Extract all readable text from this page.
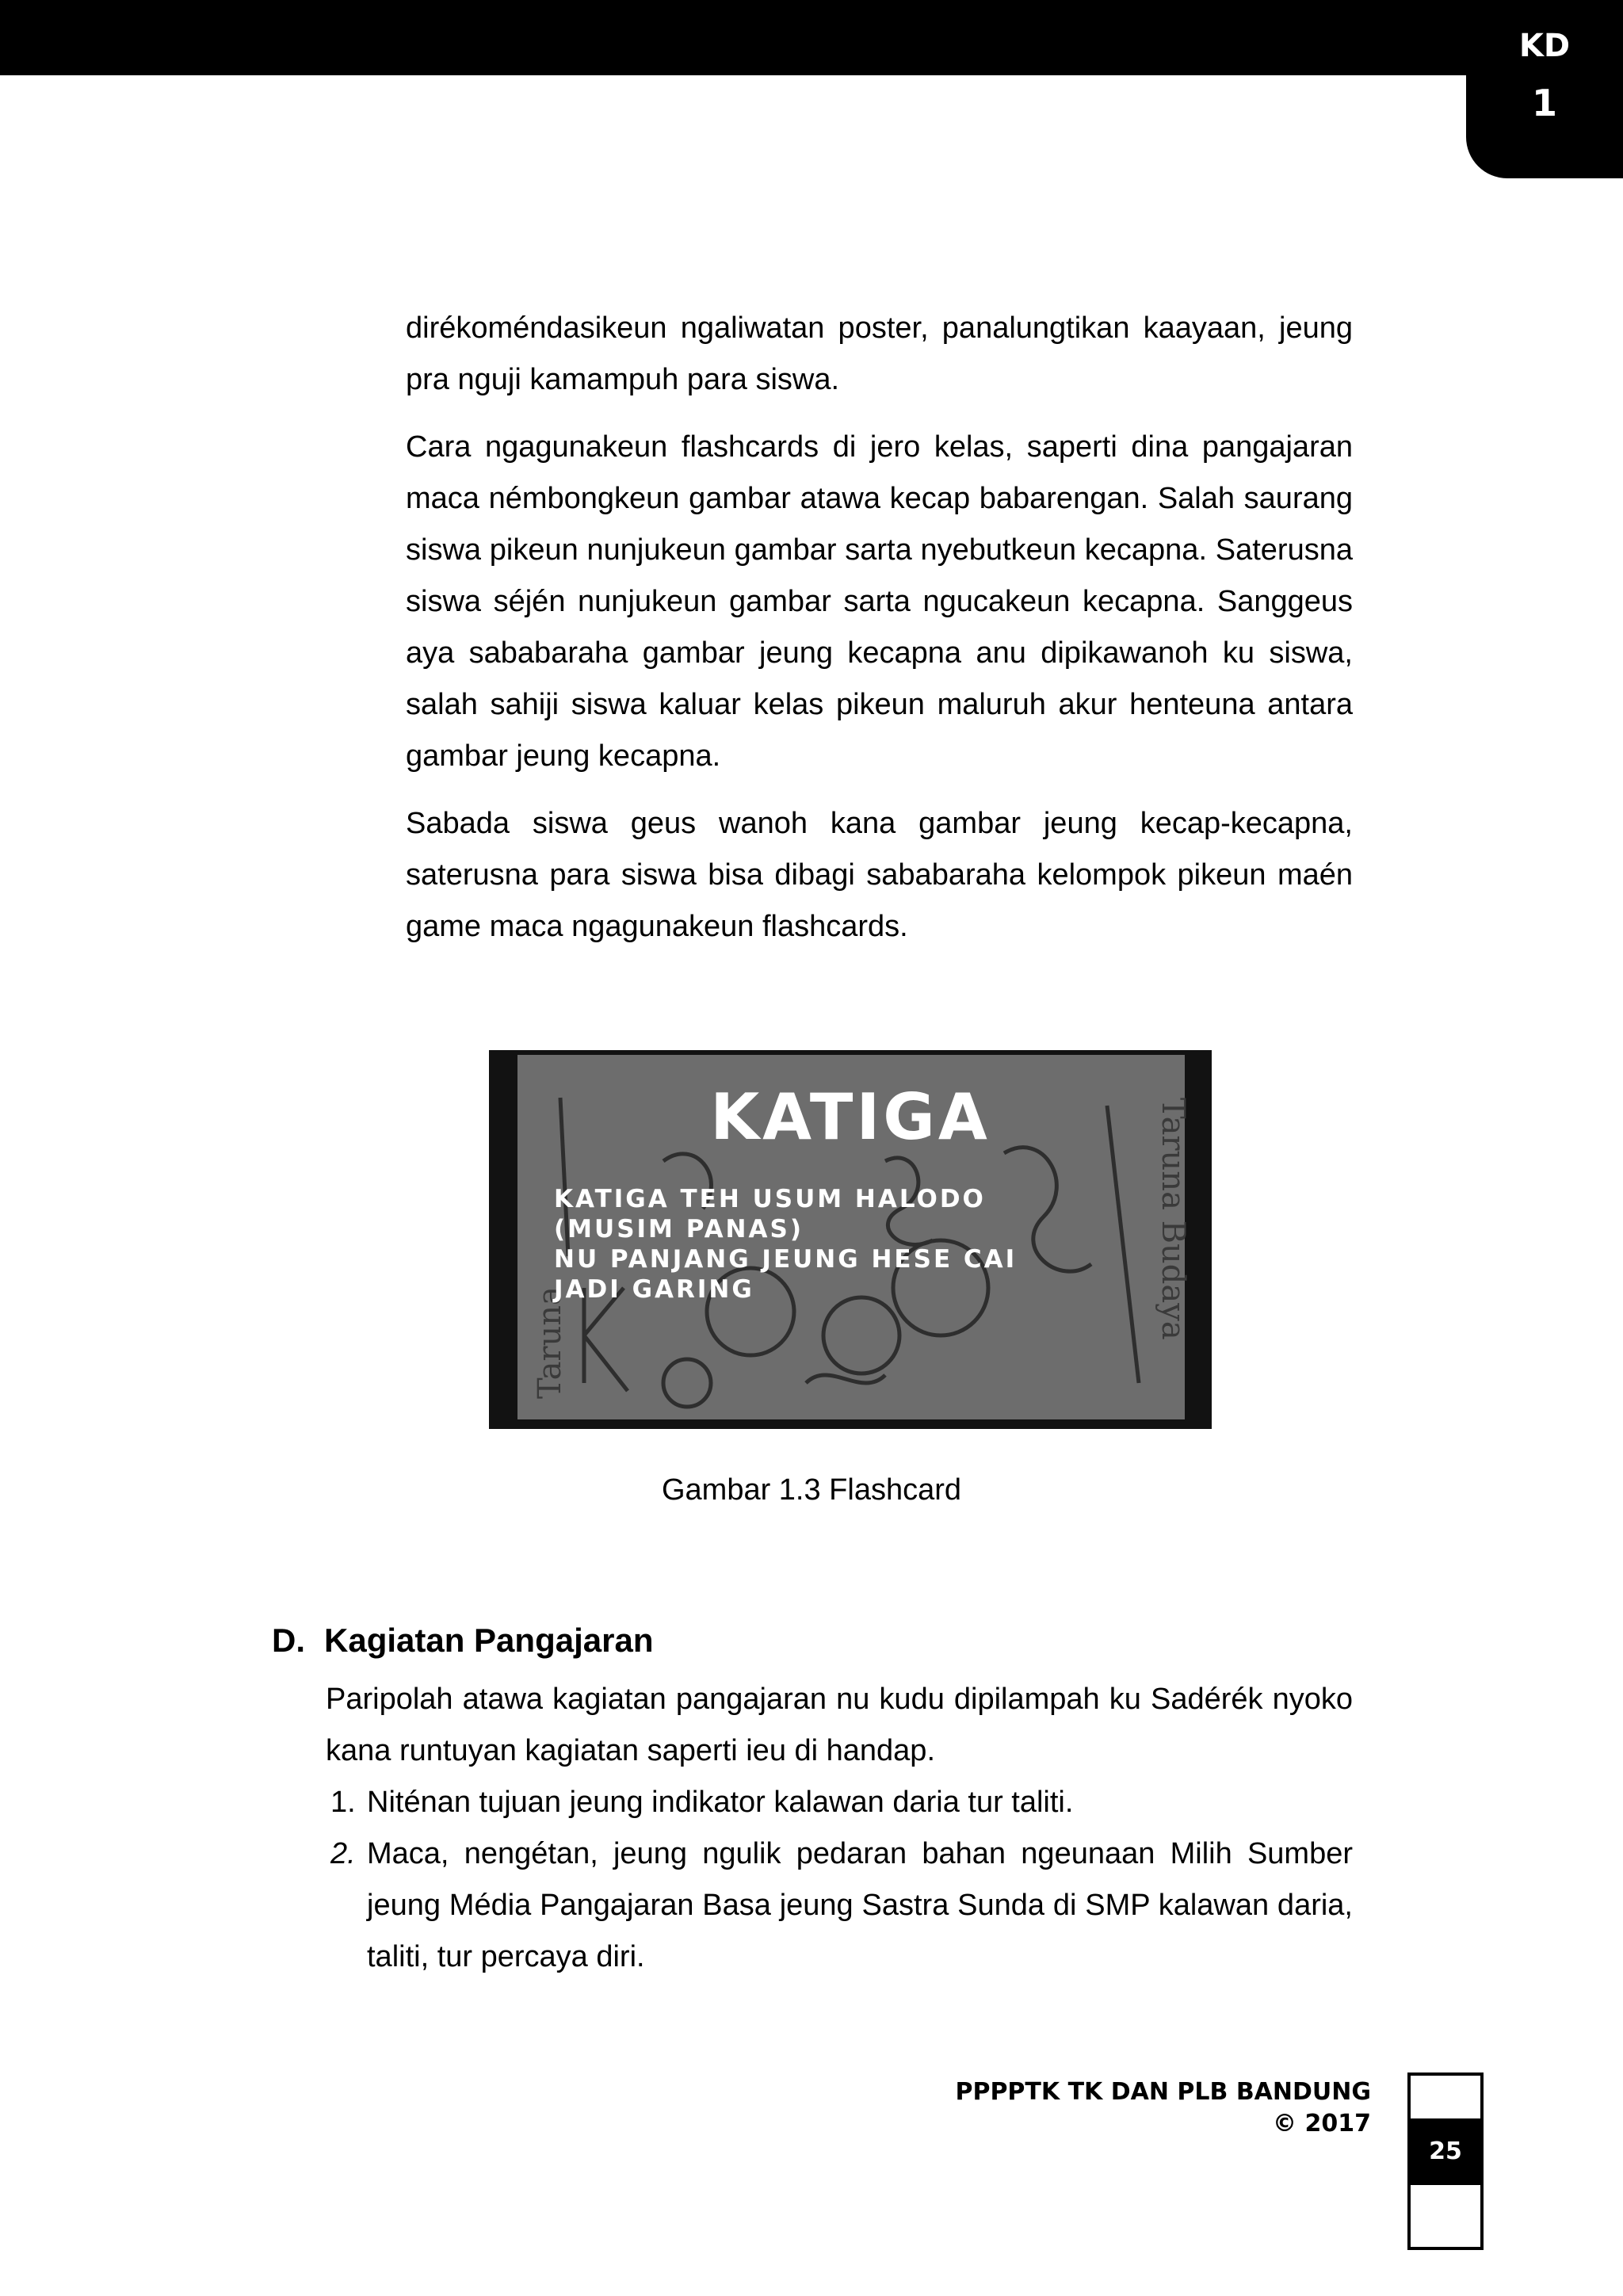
KD
1

dirékoméndasikeun ngaliwatan poster, panalungtikan kaayaan, jeung pra nguji kamampuh para siswa.

Cara ngagunakeun flashcards di jero kelas, saperti dina pangajaran maca némbongkeun gambar atawa kecap babarengan. Salah saurang siswa pikeun nunjukeun gambar sarta nyebutkeun kecapna. Saterusna siswa séjén nunjukeun gambar sarta ngucakeun kecapna. Sanggeus aya sababaraha gambar jeung kecapna anu dipikawanoh ku siswa, salah sahiji siswa kaluar kelas pikeun maluruh akur henteuna antara gambar jeung kecapna.

Sabada siswa geus wanoh kana gambar jeung kecap-kecapna, saterusna para siswa bisa dibagi sababaraha kelompok pikeun maén game maca ngagunakeun flashcards.

Taruna Budaya
Taruna
KATIGA
KATIGA TEH USUM HALODO
(MUSIM PANAS)
NU PANJANG JEUNG HESE CAI
JADI GARING
Gambar 1.3 Flashcard
D. Kagiatan Pangajaran
Paripolah atawa kagiatan pangajaran nu kudu dipilampah ku Sadérék nyoko kana runtuyan kagiatan saperti ieu di handap.
1. Niténan tujuan jeung indikator kalawan daria tur taliti.
2. Maca, nengétan, jeung ngulik pedaran bahan ngeunaan Milih Sumber jeung Média Pangajaran Basa jeung Sastra Sunda di SMP kalawan daria, taliti, tur percaya diri.
PPPPTK TK DAN PLB BANDUNG
© 2017
25
